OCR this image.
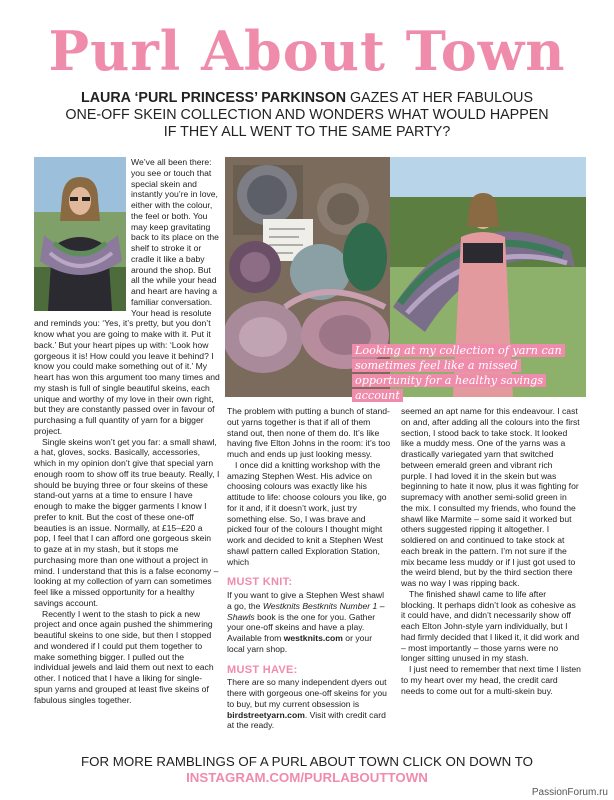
Purl About Town
LAURA ‘PURL PRINCESS’ PARKINSON GAZES AT HER FABULOUS ONE-OFF SKEIN COLLECTION AND WONDERS WHAT WOULD HAPPEN IF THEY ALL WENT TO THE SAME PARTY?

We’ve all been there: you see or touch that special skein and instantly you’re in love, either with the colour, the feel or both. You may keep gravitating back to its place on the shelf to stroke it or cradle it like a baby around the shop. But all the while your head and heart are having a familiar conversation. Your head is resolute and reminds you: ‘Yes, it’s pretty, but you don’t know what you are going to make with it. Put it back.’ But your heart pipes up with: ‘Look how gorgeous it is! How could you leave it behind? I know you could make something out of it.’ My heart has won this argument too many times and my stash is full of single beautiful skeins, each unique and worthy of my love in their own right, but they are constantly passed over in favour of purchasing a full quantity of yarn for a bigger project.

Single skeins won’t get you far: a small shawl, a hat, gloves, socks. Basically, accessories, which in my opinion don’t give that special yarn enough room to show off its true beauty. Really, I should be buying three or four skeins of these stand-out yarns at a time to ensure I have enough to make the bigger garments I know I prefer to knit. But the cost of these one-off beauties is an issue. Normally, at £15–£20 a pop, I feel that I can afford one gorgeous skein to gaze at in my stash, but it stops me purchasing more than one without a project in mind. I understand that this is a false economy – looking at my collection of yarn can sometimes feel like a missed opportunity for a healthy savings account.

Recently I went to the stash to pick a new project and once again pushed the shimmering beautiful skeins to one side, but then I stopped and wondered if I could put them together to make something bigger. I pulled out the individual jewels and laid them out next to each other. I noticed that I have a liking for single-spun yarns and grouped at least five skeins of fabulous singles together.

Looking at my collection of yarn can sometimes feel like a missed opportunity for a healthy savings account

The problem with putting a bunch of stand-out yarns together is that if all of them stand out, then none of them do. It’s like having five Elton Johns in the room: it’s too much and ends up just looking messy.

I once did a knitting workshop with the amazing Stephen West. His advice on choosing colours was exactly like his attitude to life: choose colours you like, go for it and, if it doesn’t work, just try something else. So, I was brave and picked four of the colours I thought might work and decided to knit a Stephen West shawl pattern called Exploration Station, which

MUST KNIT:

If you want to give a Stephen West shawl a go, the Westknits Bestknits Number 1 – Shawls book is the one for you. Gather your one-off skeins and have a play. Available from westknits.com or your local yarn shop.

MUST HAVE:

There are so many independent dyers out there with gorgeous one-off skeins for you to buy, but my current obsession is birdstreetyarn.com. Visit with credit card at the ready.

seemed an apt name for this endeavour. I cast on and, after adding all the colours into the first section, I stood back to take stock. It looked like a muddy mess. One of the yarns was a drastically variegated yarn that switched between emerald green and vibrant rich purple. I had loved it in the skein but was beginning to hate it now, plus it was fighting for supremacy with another semi-solid green in the mix. I consulted my friends, who found the shawl like Marmite – some said it worked but others suggested ripping it altogether. I soldiered on and continued to take stock at each break in the pattern. I’m not sure if the mix became less muddy or if I just got used to the weird blend, but by the third section there was no way I was ripping back.

The finished shawl came to life after blocking. It perhaps didn’t look as cohesive as it could have, and didn’t necessarily show off each Elton John-style yarn individually, but I had firmly decided that I liked it, it did work and – most importantly – those yarns were no longer sitting unused in my stash.

I just need to remember that next time I listen to my heart over my head, the credit card needs to come out for a multi-skein buy.

FOR MORE RAMBLINGS OF A PURL ABOUT TOWN CLICK ON DOWN TO
INSTAGRAM.COM/PURLABOUTTOWN
PassionForum.ru
